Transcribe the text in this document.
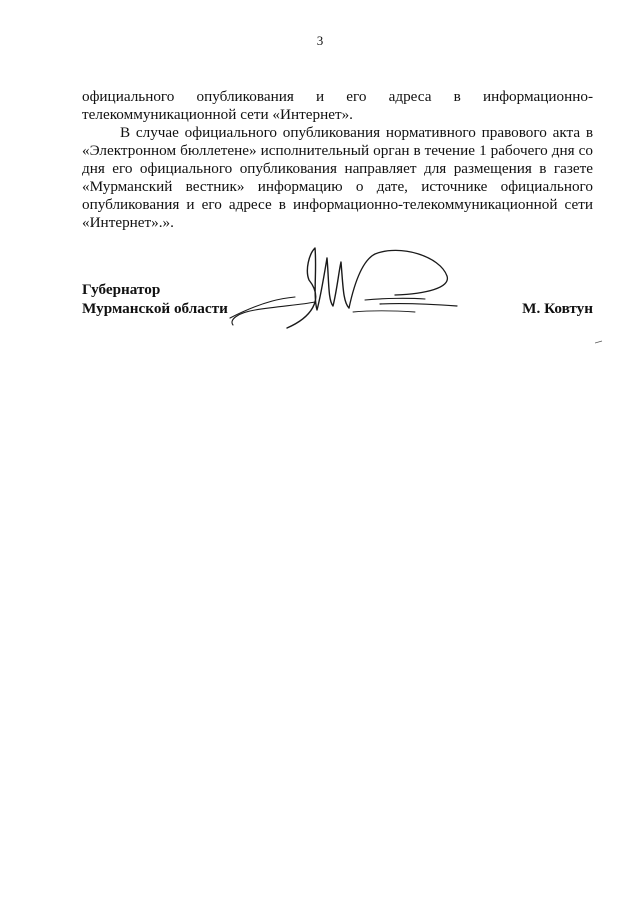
3

официального опубликования и его адреса в информационно-телекоммуникационной сети «Интернет».

В случае официального опубликования нормативного правового акта в «Электронном бюллетене» исполнительный орган в течение 1 рабочего дня со дня его официального опубликования направляет для размещения в газете «Мурманский вестник» информацию о дате, источнике официального опубликования и его адресе в информационно-телекоммуникационной сети «Интернет».».

Губернатор
Мурманской области	М. Ковтун
